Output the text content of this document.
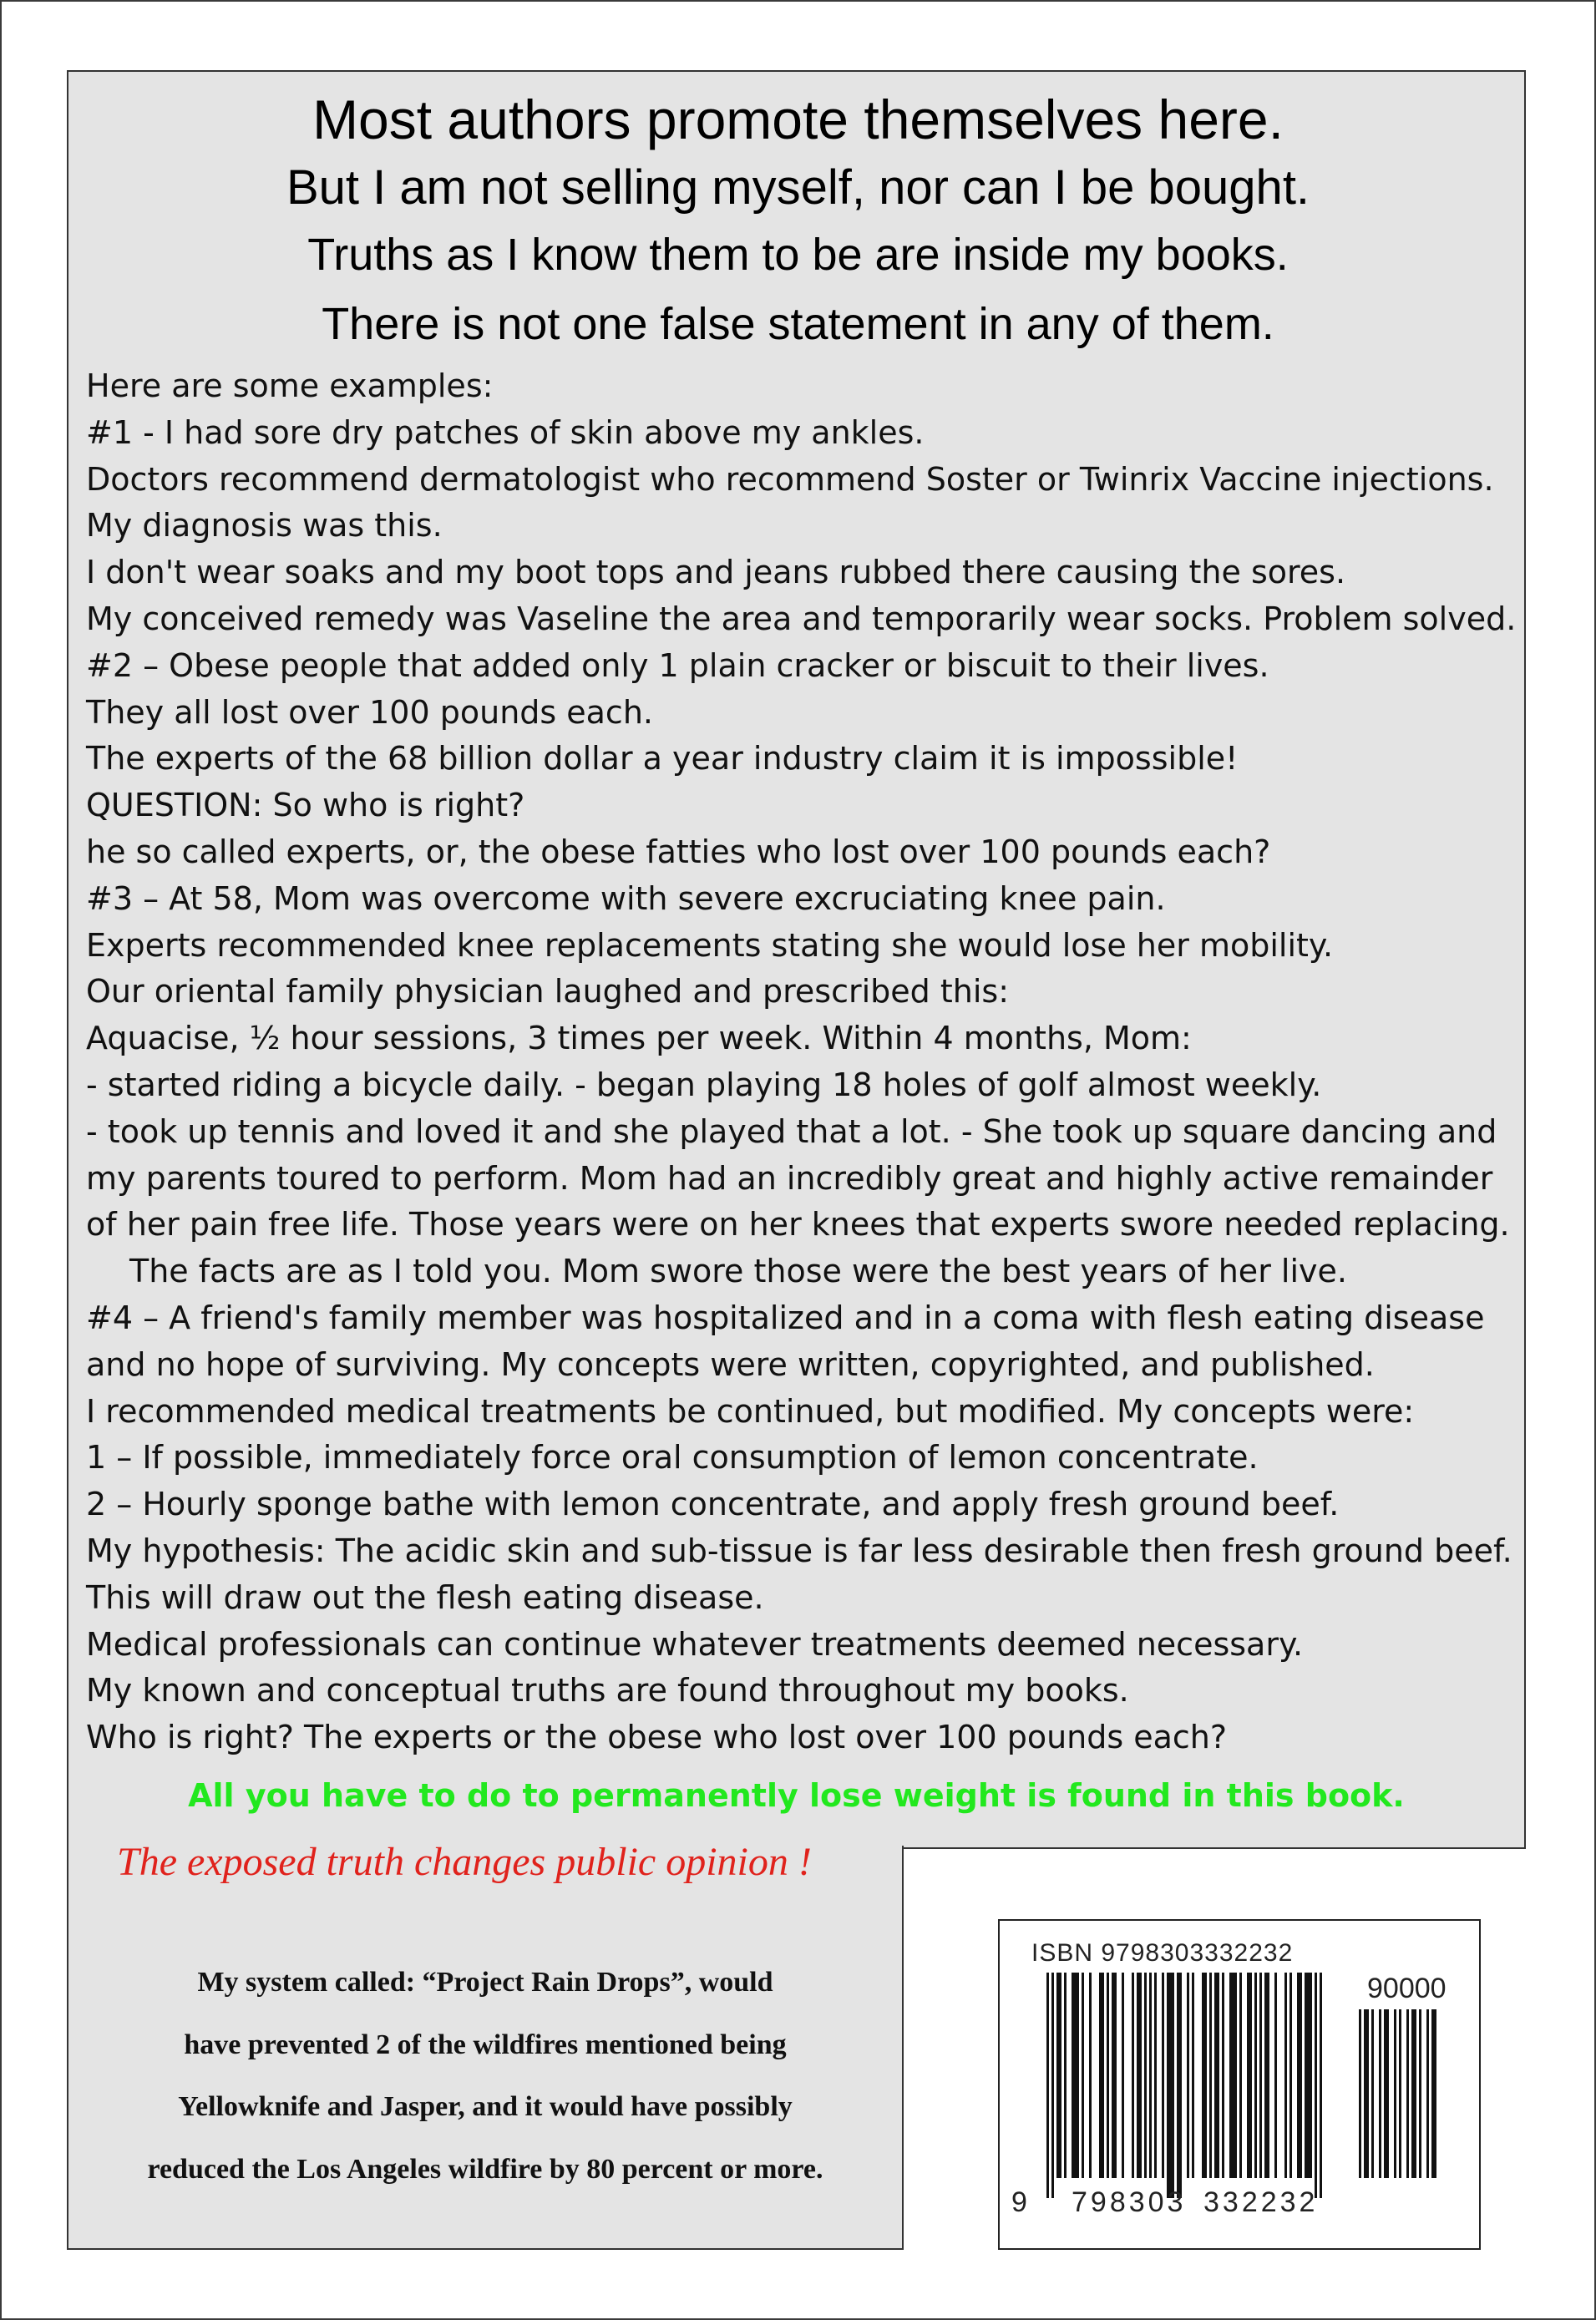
Most authors promote themselves here.
But I am not selling myself, nor can I be bought.
Truths as I know them to be are inside my books.
There is not one false statement in any of them.
Here are some examples:
#1 - I had sore dry patches of skin above my ankles.
Doctors recommend dermatologist who recommend Soster or Twinrix Vaccine injections.
My diagnosis was this.
I don't wear soaks and my boot tops and jeans rubbed there causing the sores.
My conceived remedy was Vaseline the area and temporarily wear socks. Problem solved.
#2 – Obese people that added only 1 plain cracker or biscuit to their lives.
They all lost over 100 pounds each.
The experts of the 68 billion dollar a year industry claim it is impossible!
QUESTION: So who is right?
he so called experts, or, the obese fatties who lost over 100 pounds each?
#3 – At 58, Mom was overcome with severe excruciating knee pain.
Experts recommended knee replacements stating she would lose her mobility.
Our oriental family physician laughed and prescribed this:
Aquacise, ½ hour sessions, 3 times per week. Within 4 months, Mom:
- started riding a bicycle daily. - began playing 18 holes of golf almost weekly.
- took up tennis and loved it and she played that a lot. - She took up square dancing and
my parents toured to perform. Mom had an incredibly great and highly active remainder
of her pain free life. Those years were on her knees that experts swore needed replacing.
The facts are as I told you. Mom swore those were the best years of her live.
#4 – A friend's family member was hospitalized and in a coma with flesh eating disease
and no hope of surviving. My concepts were written, copyrighted, and published.
I recommended medical treatments be continued, but modified. My concepts were:
1 – If possible, immediately force oral consumption of lemon concentrate.
2 – Hourly sponge bathe with lemon concentrate, and apply fresh ground beef.
My hypothesis: The acidic skin and sub-tissue is far less desirable then fresh ground beef.
This will draw out the flesh eating disease.
Medical professionals can continue whatever treatments deemed necessary.
My known and conceptual truths are found throughout my books.
Who is right? The experts or the obese who lost over 100 pounds each?
All you have to do to permanently lose weight is found in this book.
The exposed truth changes public opinion !
My system called: “Project Rain Drops”, would
have prevented 2 of the wildfires mentioned being
Yellowknife and Jasper, and it would have possibly
reduced the Los Angeles wildfire by 80 percent or more.
ISBN 9798303332232
90000
9 798303 332232
